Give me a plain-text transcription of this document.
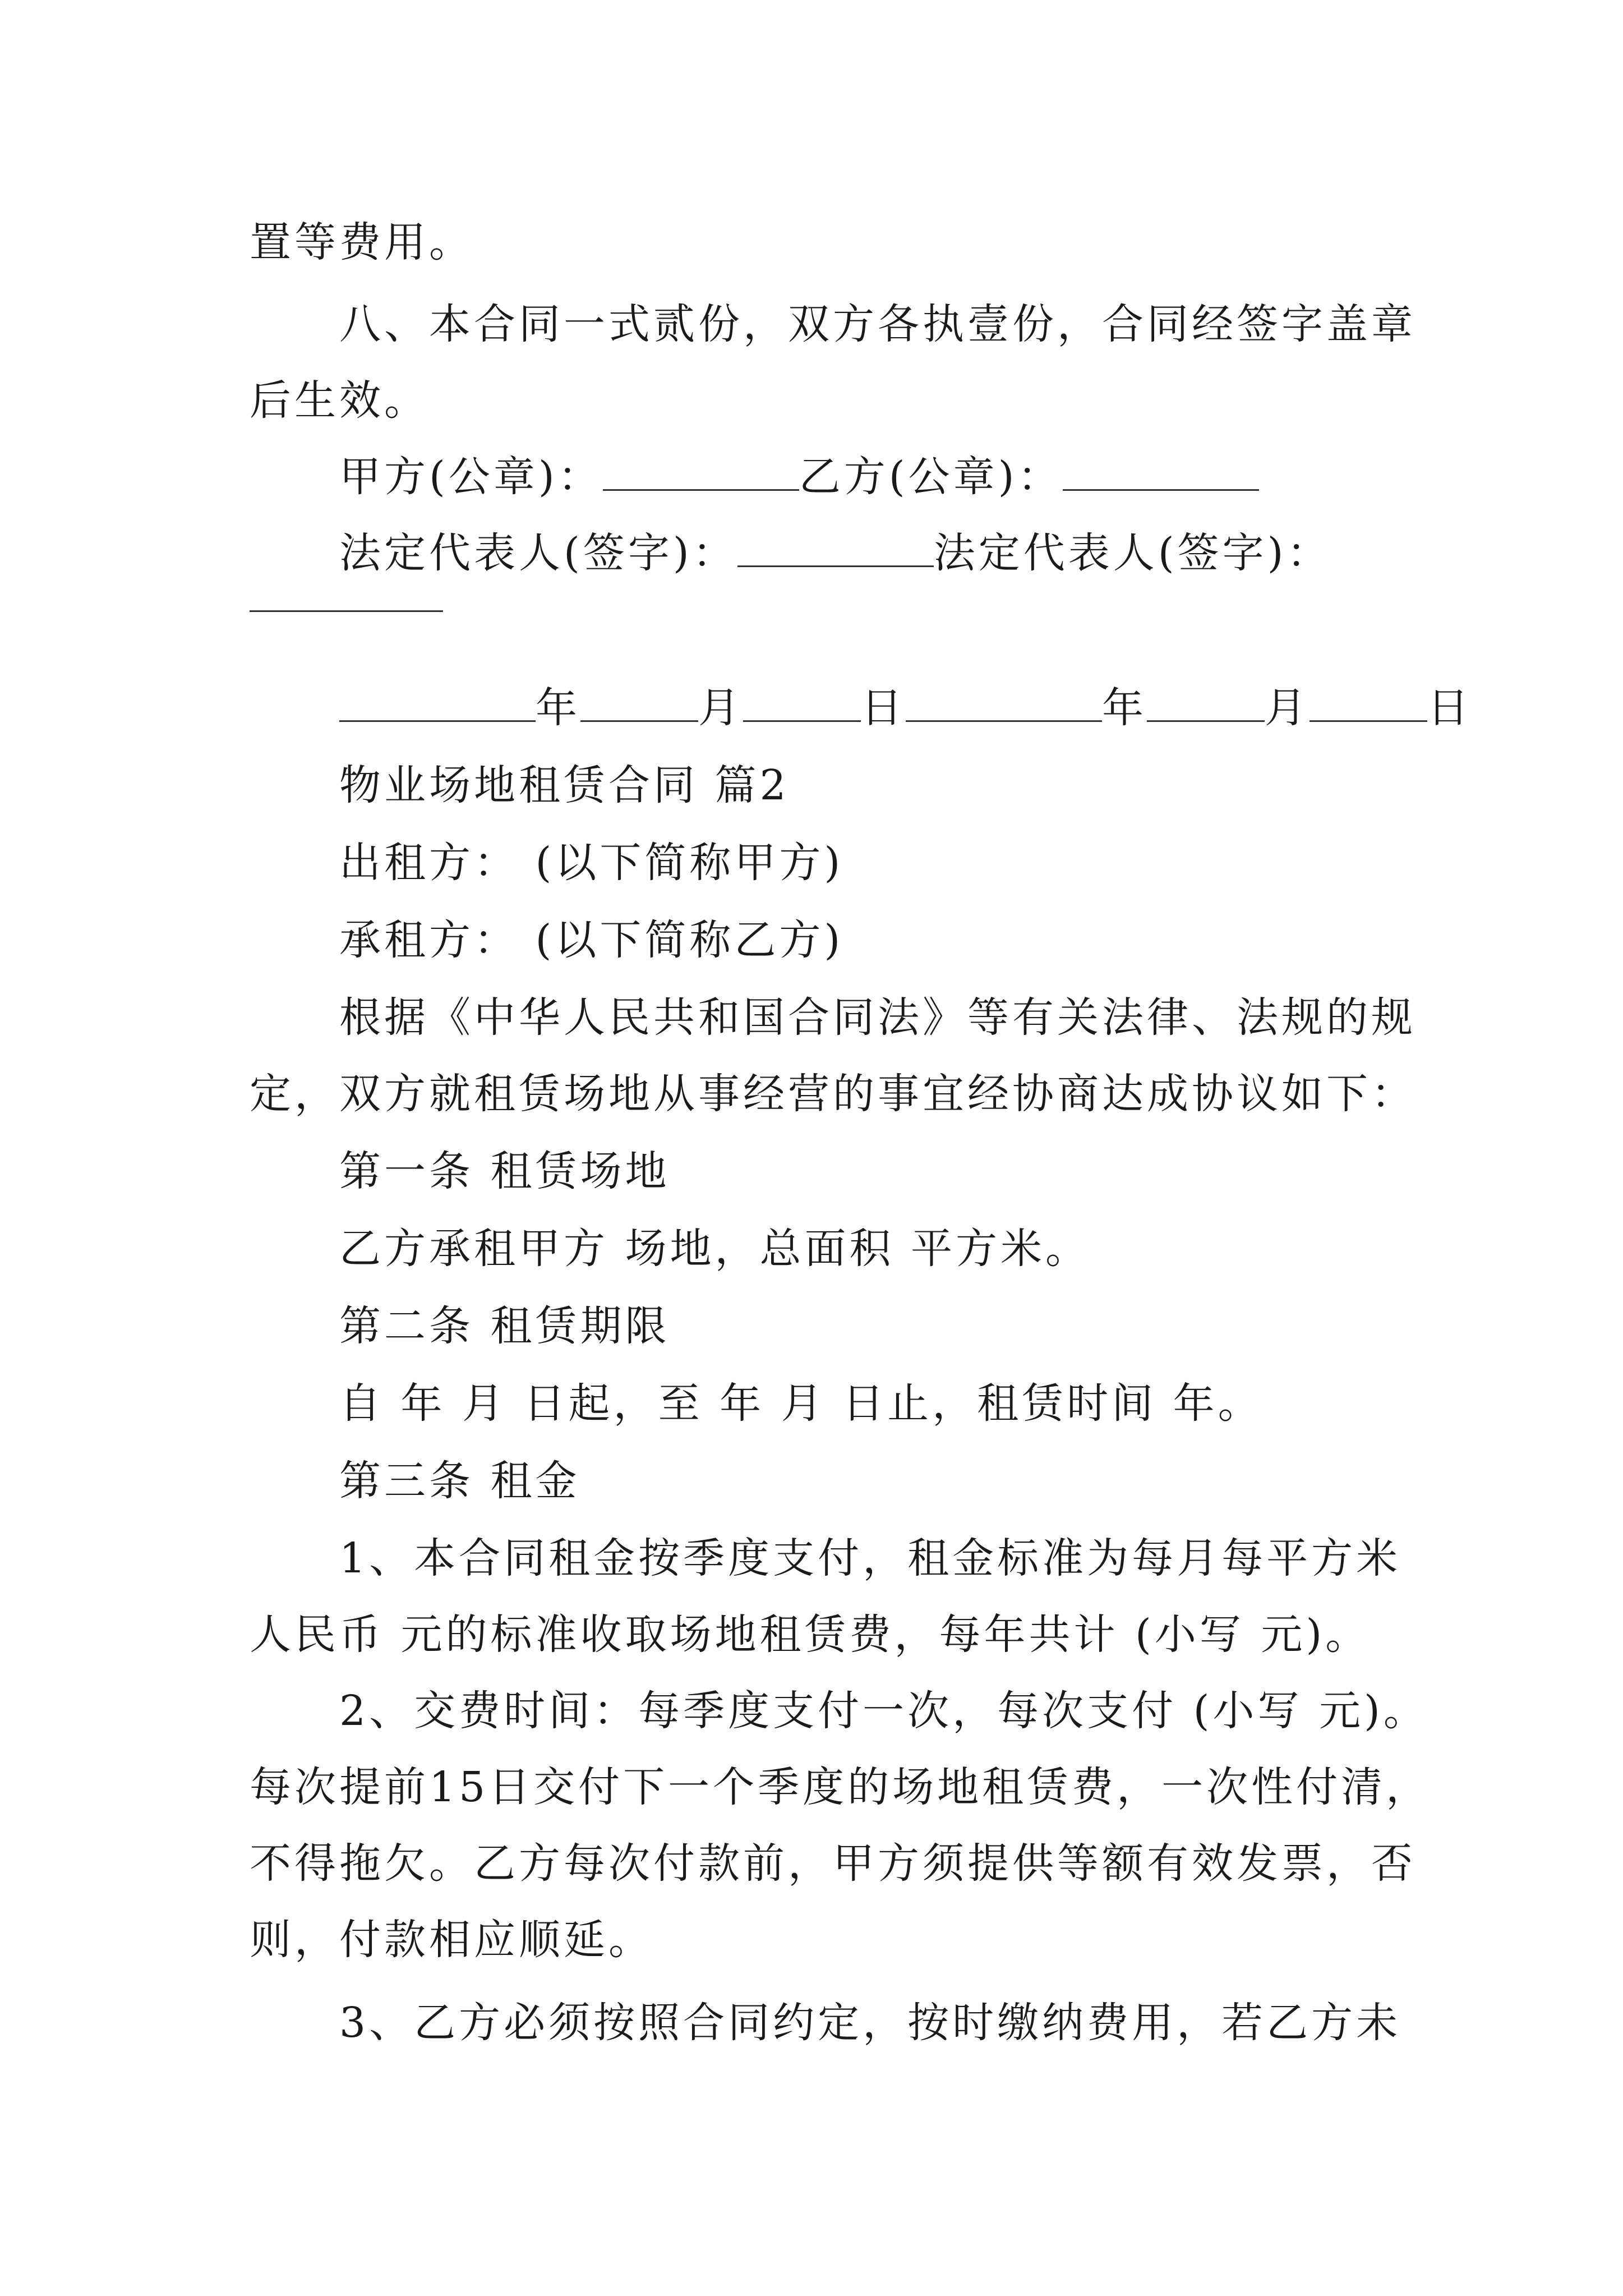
置等费用。
八、本合同一式贰份，双方各执壹份，合同经签字盖章
后生效。
甲方(公章)：	乙方(公章)：
法定代表人(签字)：	法定代表人(签字)：
年	月	日	年	月	日
物业场地租赁合同 篇2
出租方： (以下简称甲方)
承租方： (以下简称乙方)
根据《中华人民共和国合同法》等有关法律、法规的规
定，双方就租赁场地从事经营的事宜经协商达成协议如下：
第一条 租赁场地
乙方承租甲方 场地，总面积 平方米。
第二条 租赁期限
自 年 月 日起，至 年 月 日止，租赁时间 年。
第三条 租金
1、本合同租金按季度支付，租金标准为每月每平方米
人民币 元的标准收取场地租赁费，每年共计 (小写 元)。
2、交费时间：每季度支付一次，每次支付 (小写 元)。
每次提前15日交付下一个季度的场地租赁费，一次性付清，
不得拖欠。乙方每次付款前，甲方须提供等额有效发票，否
则，付款相应顺延。
3、乙方必须按照合同约定，按时缴纳费用，若乙方未
